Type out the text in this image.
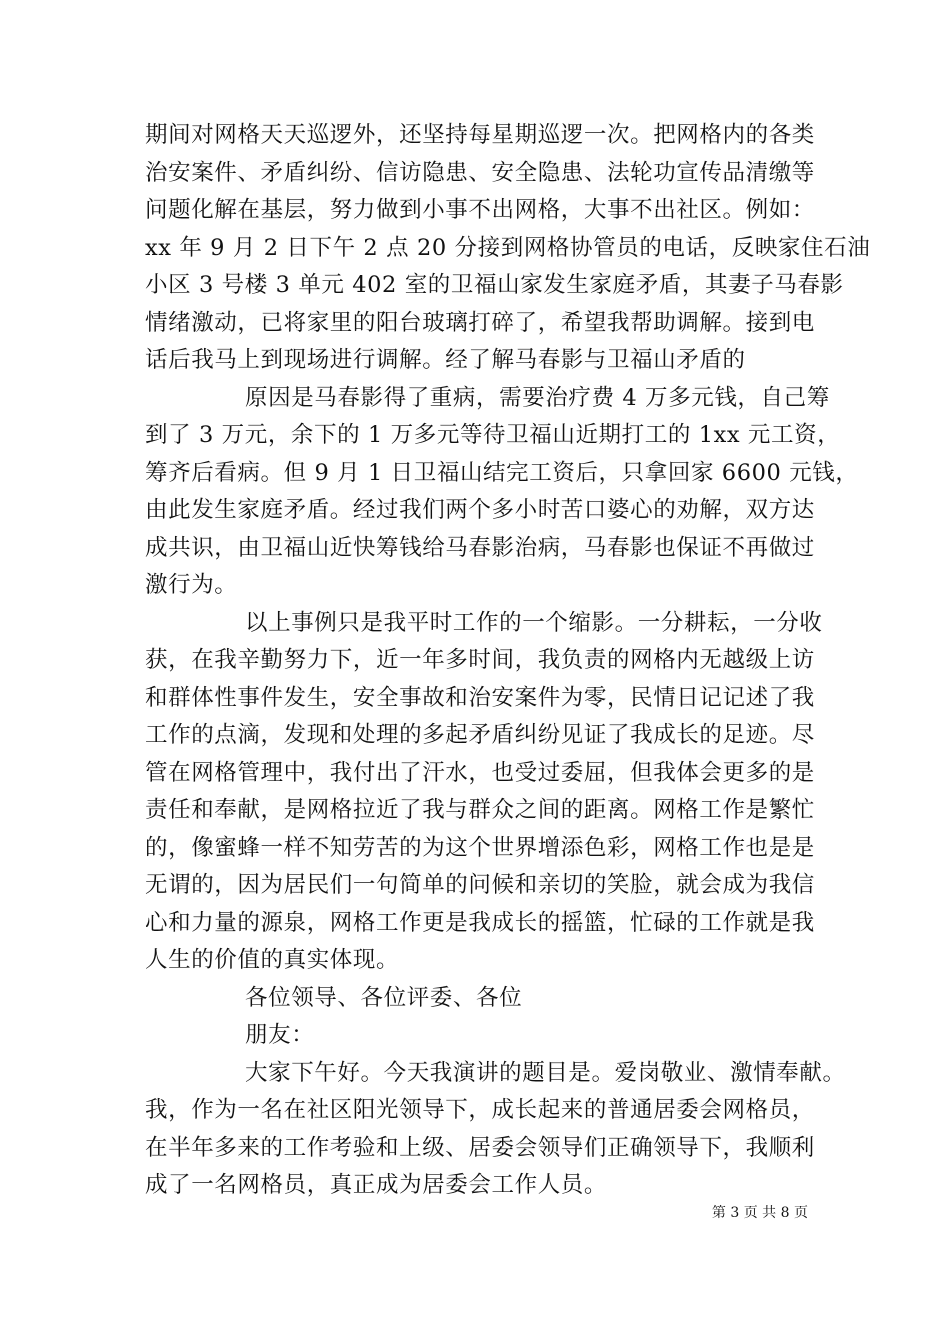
期间对网格天天巡逻外，还坚持每星期巡逻一次。把网格内的各类
治安案件、矛盾纠纷、信访隐患、安全隐患、法轮功宣传品清缴等
问题化解在基层，努力做到小事不出网格，大事不出社区。例如：
xx 年 9 月 2 日下午 2 点 20 分接到网格协管员的电话，反映家住石油
小区 3 号楼 3 单元 402 室的卫福山家发生家庭矛盾，其妻子马春影
情绪激动，已将家里的阳台玻璃打碎了，希望我帮助调解。接到电
话后我马上到现场进行调解。经了解马春影与卫福山矛盾的
原因是马春影得了重病，需要治疗费 4 万多元钱，自己筹
到了 3 万元，余下的 1 万多元等待卫福山近期打工的 1xx 元工资，
筹齐后看病。但 9 月 1 日卫福山结完工资后，只拿回家 6600 元钱，
由此发生家庭矛盾。经过我们两个多小时苦口婆心的劝解，双方达
成共识，由卫福山近快筹钱给马春影治病，马春影也保证不再做过
激行为。
以上事例只是我平时工作的一个缩影。一分耕耘，一分收
获，在我辛勤努力下，近一年多时间，我负责的网格内无越级上访
和群体性事件发生，安全事故和治安案件为零，民情日记记述了我
工作的点滴，发现和处理的多起矛盾纠纷见证了我成长的足迹。尽
管在网格管理中，我付出了汗水，也受过委屈，但我体会更多的是
责任和奉献，是网格拉近了我与群众之间的距离。网格工作是繁忙
的，像蜜蜂一样不知劳苦的为这个世界增添色彩，网格工作也是是
无谓的，因为居民们一句简单的问候和亲切的笑脸，就会成为我信
心和力量的源泉，网格工作更是我成长的摇篮，忙碌的工作就是我
人生的价值的真实体现。
各位领导、各位评委、各位
朋友：
大家下午好。今天我演讲的题目是。爱岗敬业、激情奉献。
我，作为一名在社区阳光领导下，成长起来的普通居委会网格员，
在半年多来的工作考验和上级、居委会领导们正确领导下，我顺利
成了一名网格员，真正成为居委会工作人员。
第 3 页 共 8 页
